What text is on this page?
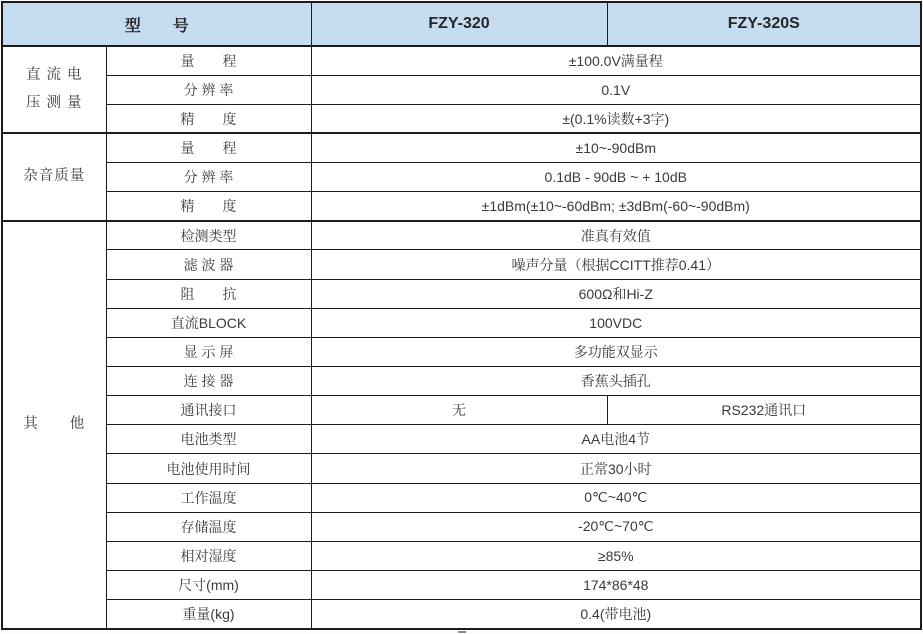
型　　号		FZY-320	FZY-320S

直 流 电
压 测 量	量　　程	±100.0V满量程	
	分 辨 率	0.1V	
	精　　度	±(0.1%读数+3字)	

杂音质量	量　　程	±10~-90dBm	
	分 辨 率	0.1dB - 90dB ~ + 10dB	
	精　　度	±1dBm(±10~-60dBm; ±3dBm(-60~-90dBm)	

其　　他	检测类型	准真有效值	
	滤 波 器	噪声分量（根据CCITT推荐0.41）	
	阻　　抗	600Ω和Hi-Z	
	直流BLOCK	100VDC	
	显 示 屏	多功能双显示	
	连 接 器	香蕉头插孔	
	通讯接口	无	RS232通讯口
	电池类型	AA电池4节	
	电池使用时间	正常30小时	
	工作温度	0℃~40℃	
	存储温度	-20℃~70℃	
	相对湿度	≥85%	
	尺寸(mm)	174*86*48	
	重量(kg)	0.4(带电池)	
